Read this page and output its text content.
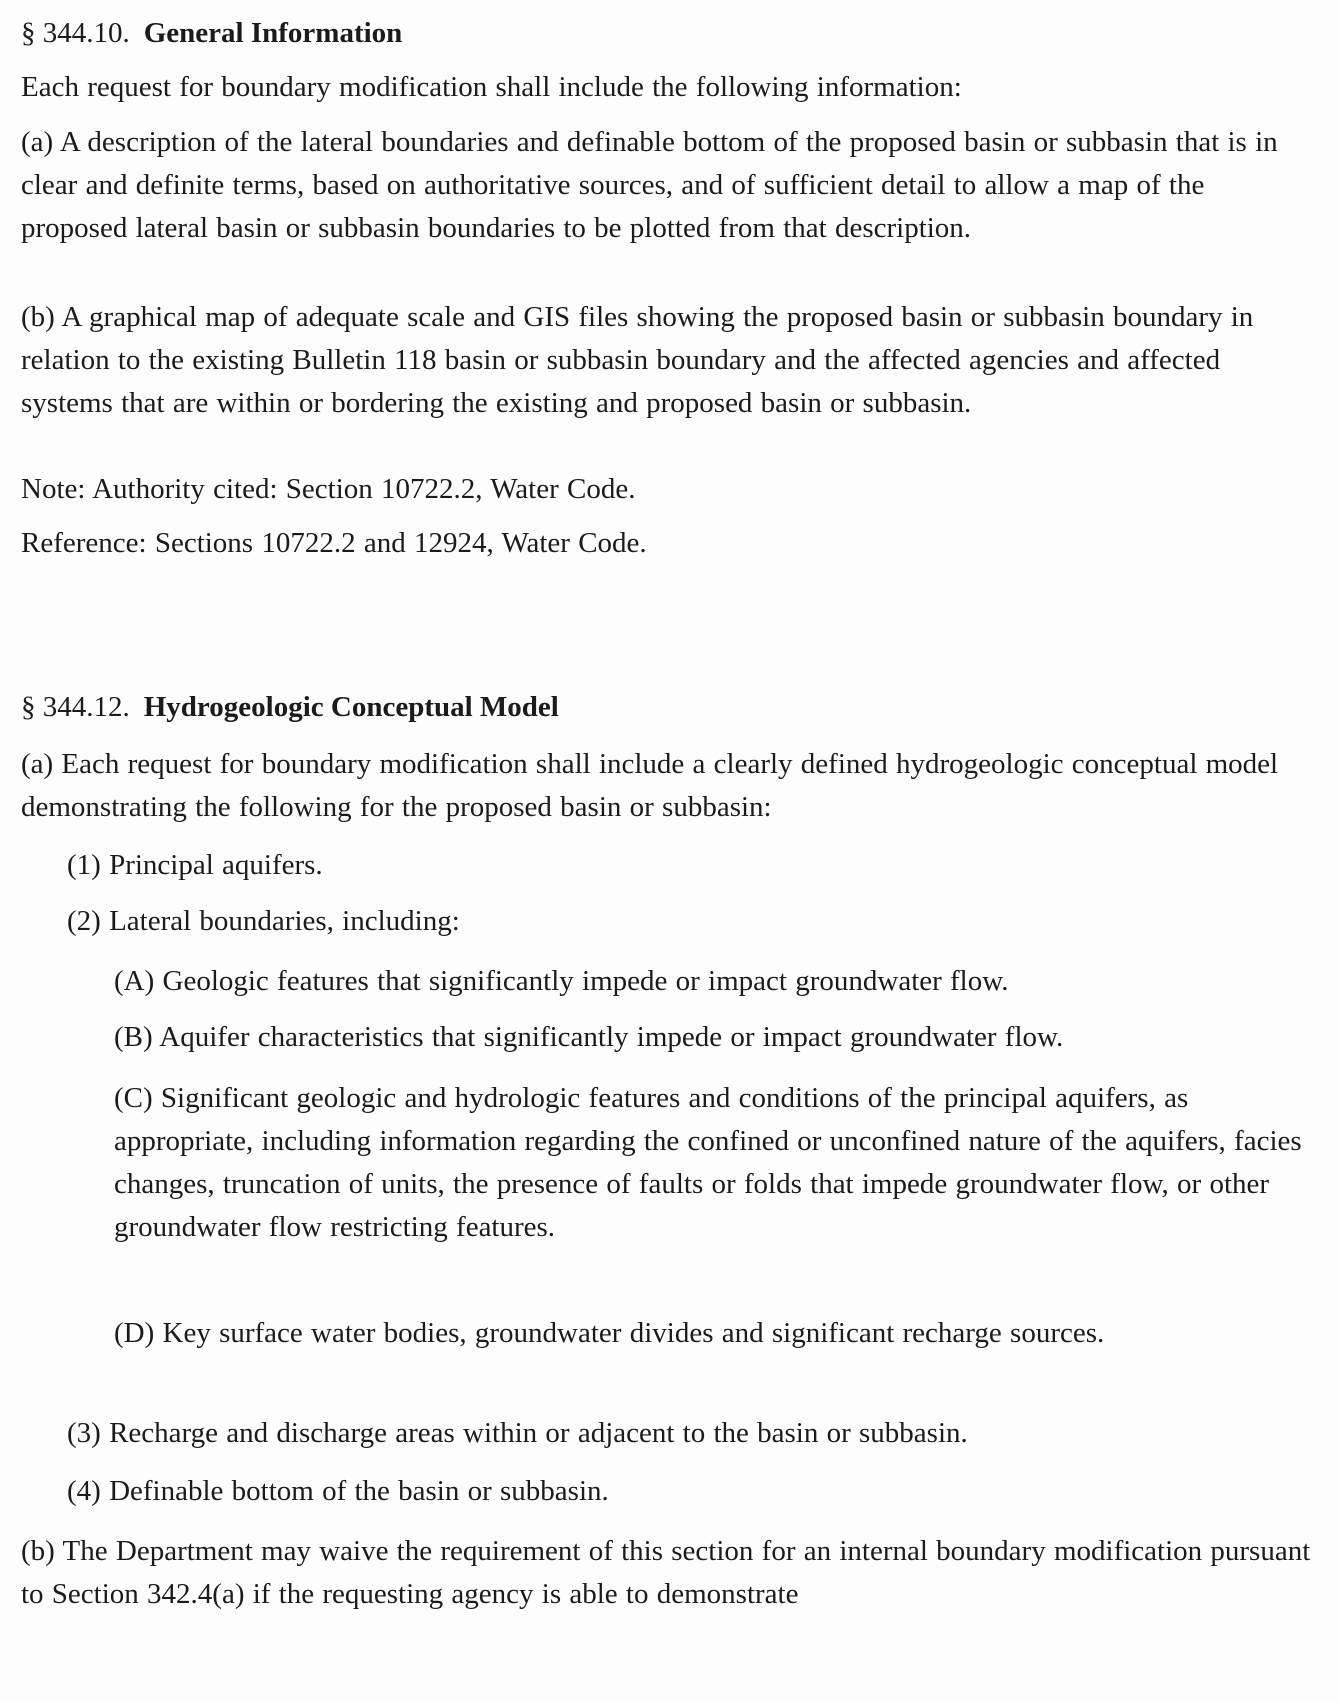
§ 344.10. General Information

Each request for boundary modification shall include the following information:

(a) A description of the lateral boundaries and definable bottom of the proposed basin or subbasin that is in clear and definite terms, based on authoritative sources, and of sufficient detail to allow a map of the proposed lateral basin or subbasin boundaries to be plotted from that description.

(b) A graphical map of adequate scale and GIS files showing the proposed basin or subbasin boundary in relation to the existing Bulletin 118 basin or subbasin boundary and the affected agencies and affected systems that are within or bordering the existing and proposed basin or subbasin.

Note: Authority cited: Section 10722.2, Water Code.

Reference: Sections 10722.2 and 12924, Water Code.

§ 344.12. Hydrogeologic Conceptual Model

(a) Each request for boundary modification shall include a clearly defined hydrogeologic conceptual model demonstrating the following for the proposed basin or subbasin:

(1) Principal aquifers.

(2) Lateral boundaries, including:

(A) Geologic features that significantly impede or impact groundwater flow.

(B) Aquifer characteristics that significantly impede or impact groundwater flow.

(C) Significant geologic and hydrologic features and conditions of the principal aquifers, as appropriate, including information regarding the confined or unconfined nature of the aquifers, facies changes, truncation of units, the presence of faults or folds that impede groundwater flow, or other groundwater flow restricting features.

(D) Key surface water bodies, groundwater divides and significant recharge sources.

(3) Recharge and discharge areas within or adjacent to the basin or subbasin.

(4) Definable bottom of the basin or subbasin.

(b) The Department may waive the requirement of this section for an internal boundary modification pursuant to Section 342.4(a) if the requesting agency is able to demonstrate
